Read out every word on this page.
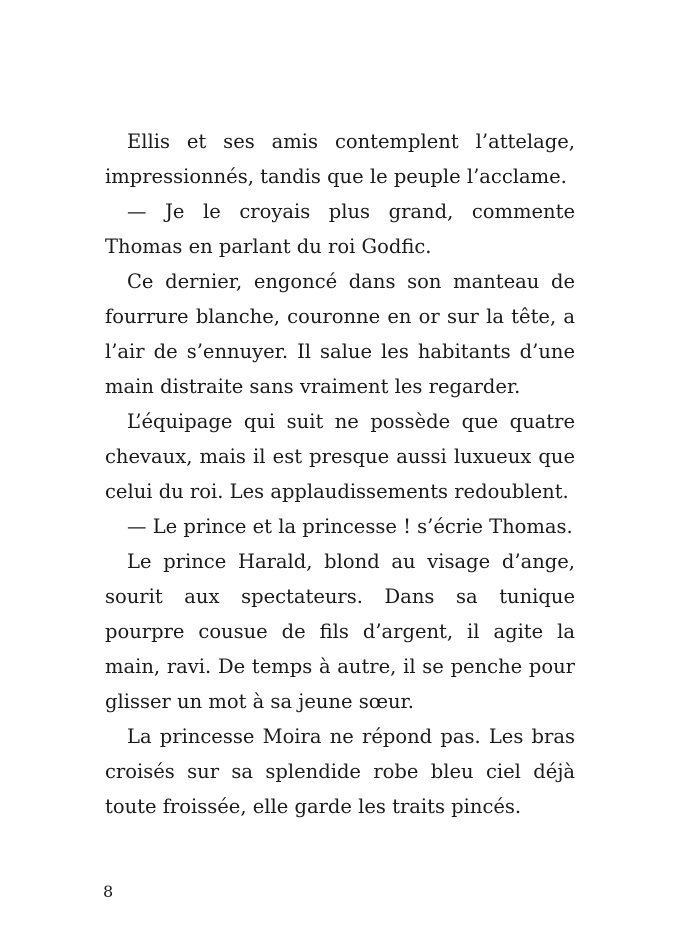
Ellis et ses amis contemplent l’attelage, impressionnés, tandis que le peuple l’acclame.

— Je le croyais plus grand, commente Thomas en parlant du roi Godfic.

Ce dernier, engoncé dans son manteau de fourrure blanche, couronne en or sur la tête, a l’air de s’ennuyer. Il salue les habitants d’une main distraite sans vraiment les regarder.

L’équipage qui suit ne possède que quatre chevaux, mais il est presque aussi luxueux que celui du roi. Les applaudissements redoublent.

— Le prince et la princesse ! s’écrie Thomas.

Le prince Harald, blond au visage d’ange, sourit aux spectateurs. Dans sa tunique pourpre cousue de fils d’argent, il agite la main, ravi. De temps à autre, il se penche pour glisser un mot à sa jeune sœur.

La princesse Moira ne répond pas. Les bras croisés sur sa splendide robe bleu ciel déjà toute froissée, elle garde les traits pincés.

8
